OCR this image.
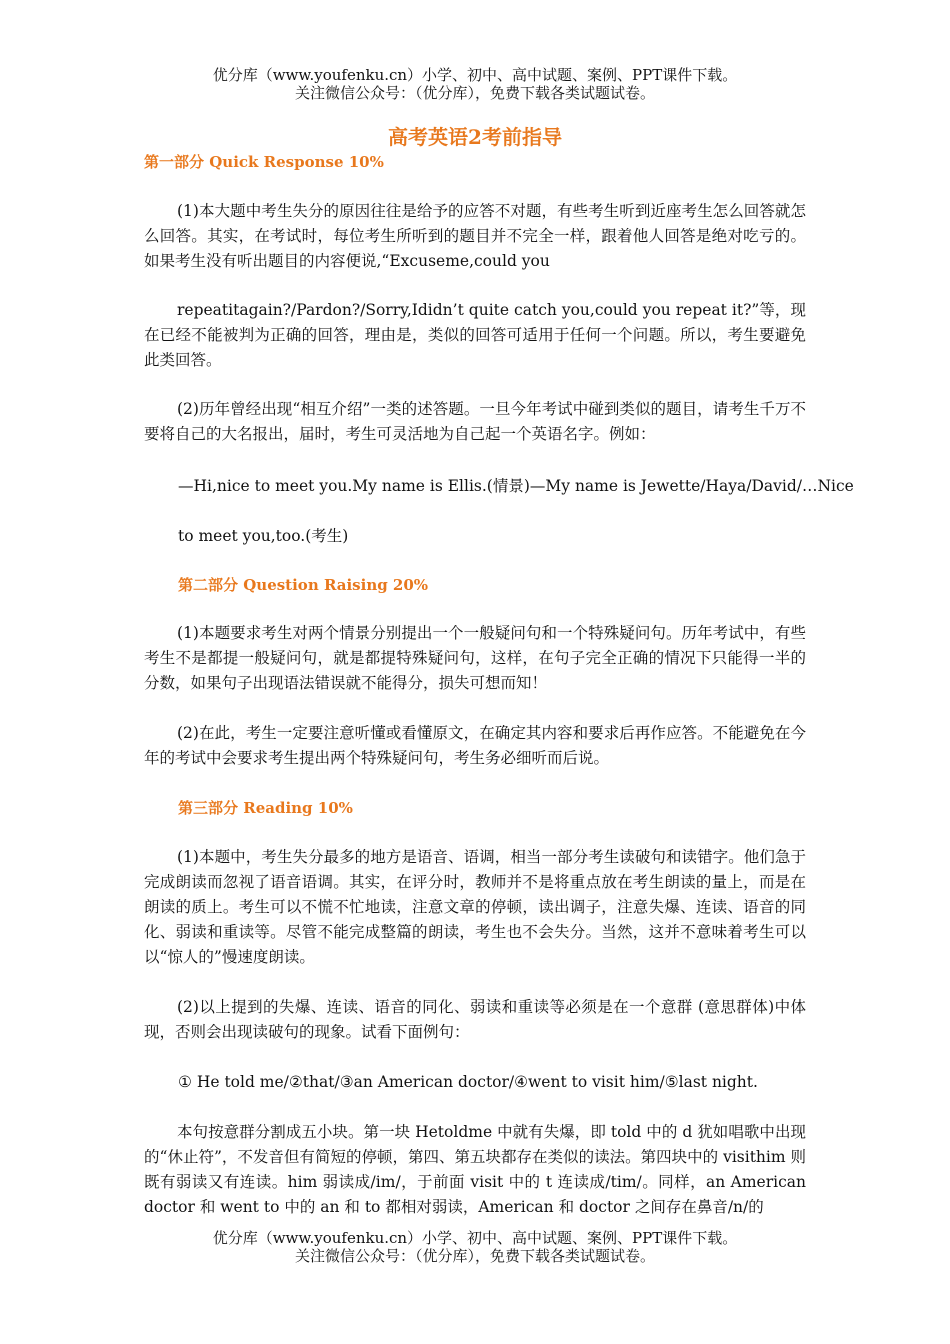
优分库（www.youfenku.cn）小学、初中、高中试题、案例、PPT课件下载。
关注微信公众号：（优分库），免费下载各类试题试卷。
高考英语2考前指导
第一部分 Quick Response 10%
(1)本大题中考生失分的原因往往是给予的应答不对题，有些考生听到近座考生怎么回答就怎么回答。其实，在考试时，每位考生所听到的题目并不完全一样，跟着他人回答是绝对吃亏的。如果考生没有听出题目的内容便说,“Excuseme,could you
repeatitagain?/Pardon?/Sorry,Ididn’t quite catch you,could you repeat it?”等，现在已经不能被判为正确的回答，理由是，类似的回答可适用于任何一个问题。所以，考生要避免此类回答。
(2)历年曾经出现“相互介绍”一类的述答题。一旦今年考试中碰到类似的题目，请考生千万不要将自己的大名报出，届时，考生可灵活地为自己起一个英语名字。例如：
—Hi,nice to meet you.My name is Ellis.(情景)—My name is Jewette/Haya/David/…Nice
to meet you,too.(考生)
第二部分 Question Raising 20%
(1)本题要求考生对两个情景分别提出一个一般疑问句和一个特殊疑问句。历年考试中，有些考生不是都提一般疑问句，就是都提特殊疑问句，这样，在句子完全正确的情况下只能得一半的分数，如果句子出现语法错误就不能得分，损失可想而知！
(2)在此，考生一定要注意听懂或看懂原文，在确定其内容和要求后再作应答。不能避免在今年的考试中会要求考生提出两个特殊疑问句，考生务必细听而后说。
第三部分 Reading 10%
(1)本题中，考生失分最多的地方是语音、语调，相当一部分考生读破句和读错字。他们急于完成朗读而忽视了语音语调。其实，在评分时，教师并不是将重点放在考生朗读的量上，而是在朗读的质上。考生可以不慌不忙地读，注意文章的停顿，读出调子，注意失爆、连读、语音的同化、弱读和重读等。尽管不能完成整篇的朗读，考生也不会失分。当然，这并不意味着考生可以以“惊人的”慢速度朗读。
(2)以上提到的失爆、连读、语音的同化、弱读和重读等必须是在一个意群 (意思群体)中体现，否则会出现读破句的现象。试看下面例句：
① He told me/②that/③an American doctor/④went to visit him/⑤last night.
本句按意群分割成五小块。第一块 Hetoldme 中就有失爆，即 told 中的 d 犹如唱歌中出现的“休止符”，不发音但有简短的停顿，第四、第五块都存在类似的读法。第四块中的 visithim 则既有弱读又有连读。him 弱读成/im/，于前面 visit 中的 t 连读成/tim/。同样，an American doctor 和 went to 中的 an 和 to 都相对弱读，American 和 doctor 之间存在鼻音/n/的
优分库（www.youfenku.cn）小学、初中、高中试题、案例、PPT课件下载。
关注微信公众号：（优分库），免费下载各类试题试卷。
